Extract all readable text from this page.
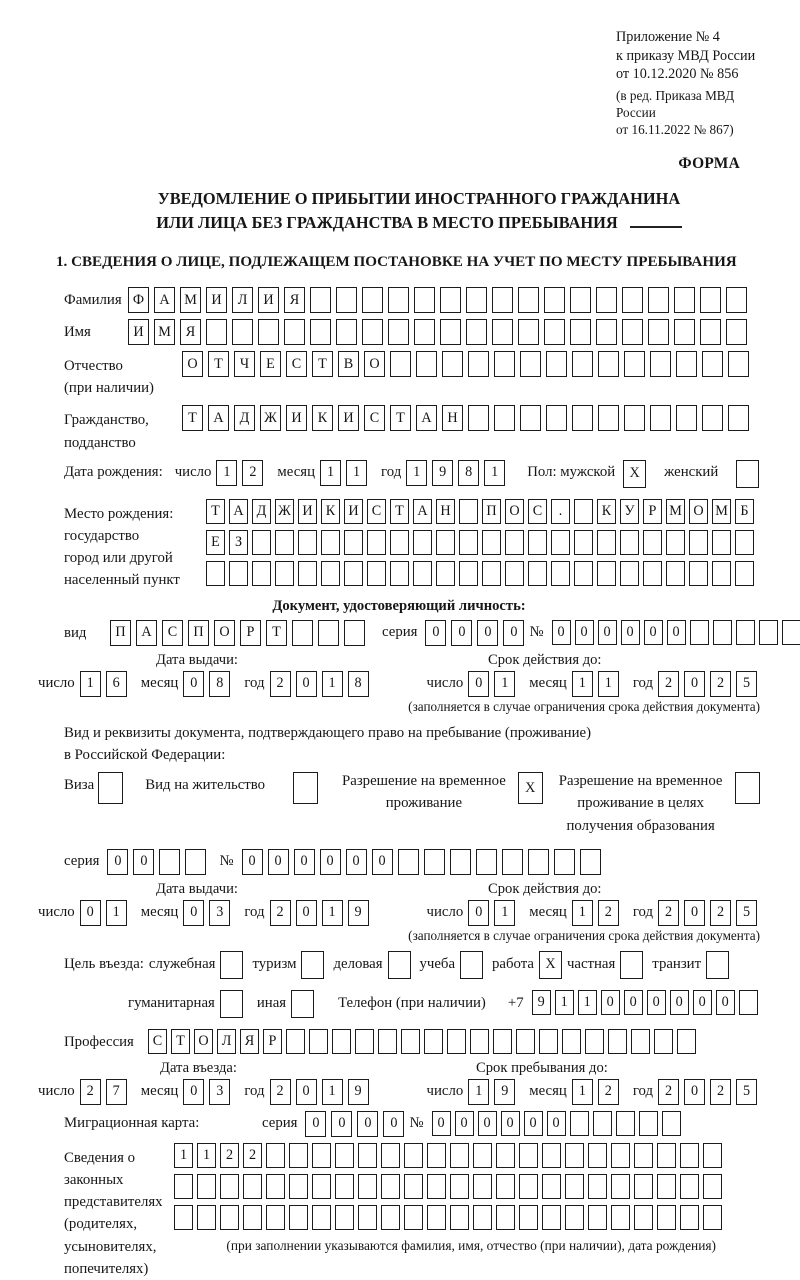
Приложение № 4
к приказу МВД России
от 10.12.2020 № 856
(в ред. Приказа МВД России
от 16.11.2022 № 867)
ФОРМА
УВЕДОМЛЕНИЕ О ПРИБЫТИИ ИНОСТРАННОГО ГРАЖДАНИНА
ИЛИ ЛИЦА БЕЗ ГРАЖДАНСТВА В МЕСТО ПРЕБЫВАНИЯ
1. СВЕДЕНИЯ О ЛИЦЕ, ПОДЛЕЖАЩЕМ ПОСТАНОВКЕ НА УЧЕТ ПО МЕСТУ ПРЕБЫВАНИЯ
Фамилия Ф	А	М	И	Л	И	Я
Имя	И	М	Я
Отчество
(при наличии)
О	Т	Ч	Е	С	Т	В	О
Гражданство,
подданство
Т	А	Д	Ж	И	К	И	С	Т	А	Н
Дата рождения: число 1	2	месяц 1	1	год 1	9	8	1	Пол: мужской	X	женский
Место рождения:
государство
город или другой
населенный пункт
Т А Д Ж И К И С Т А Н	П О С	.	К У Р М О М Б
Е	З
Документ, удостоверяющий личность:
вид	П	А	С	П	О	Р	Т	серия	0	0	0	0 № 0	0	0	0	0	0
Дата выдачи:	Срок действия до:
число 1	6	месяц 0	8	год 2	0	1	8	число 0	1	месяц 1	1	год 2	0	2	5
(заполняется в случае ограничения срока действия документа)
Вид и реквизиты документа, подтверждающего право на пребывание (проживание)
в Российской Федерации:
Виза	Вид на жительство	Разрешение на временное
проживание
X	Разрешение на временное
проживание в целях
получения образования
серия	0	0	№	0	0	0	0	0	0
Дата выдачи:	Срок действия до:
число 0	1	месяц 0	3	год 2	0	1	9	число 0	1	месяц 1	2	год 2	0	2	5
(заполняется в случае ограничения срока действия документа)
Цель въезда: служебная	туризм	деловая	учеба	работа X частная	транзит
гуманитарная	иная	Телефон (при наличии) +7 9	1	1	0	0	0	0	0	0
Профессия	С Т О Л Я	Р
Дата въезда:	Срок пребывания до:
число 2	7	месяц 0	3	год 2	0	1	9	число 1	9	месяц 1	2	год 2	0	2	5
Миграционная карта:	серия	0	0	0	0 № 0	0	0	0	0	0
Сведения о
законных
представителях
(родителях,
усыновителях,
попечителях)
1	1	2	2
(при заполнении указываются фамилия, имя, отчество (при наличии), дата рождения)
